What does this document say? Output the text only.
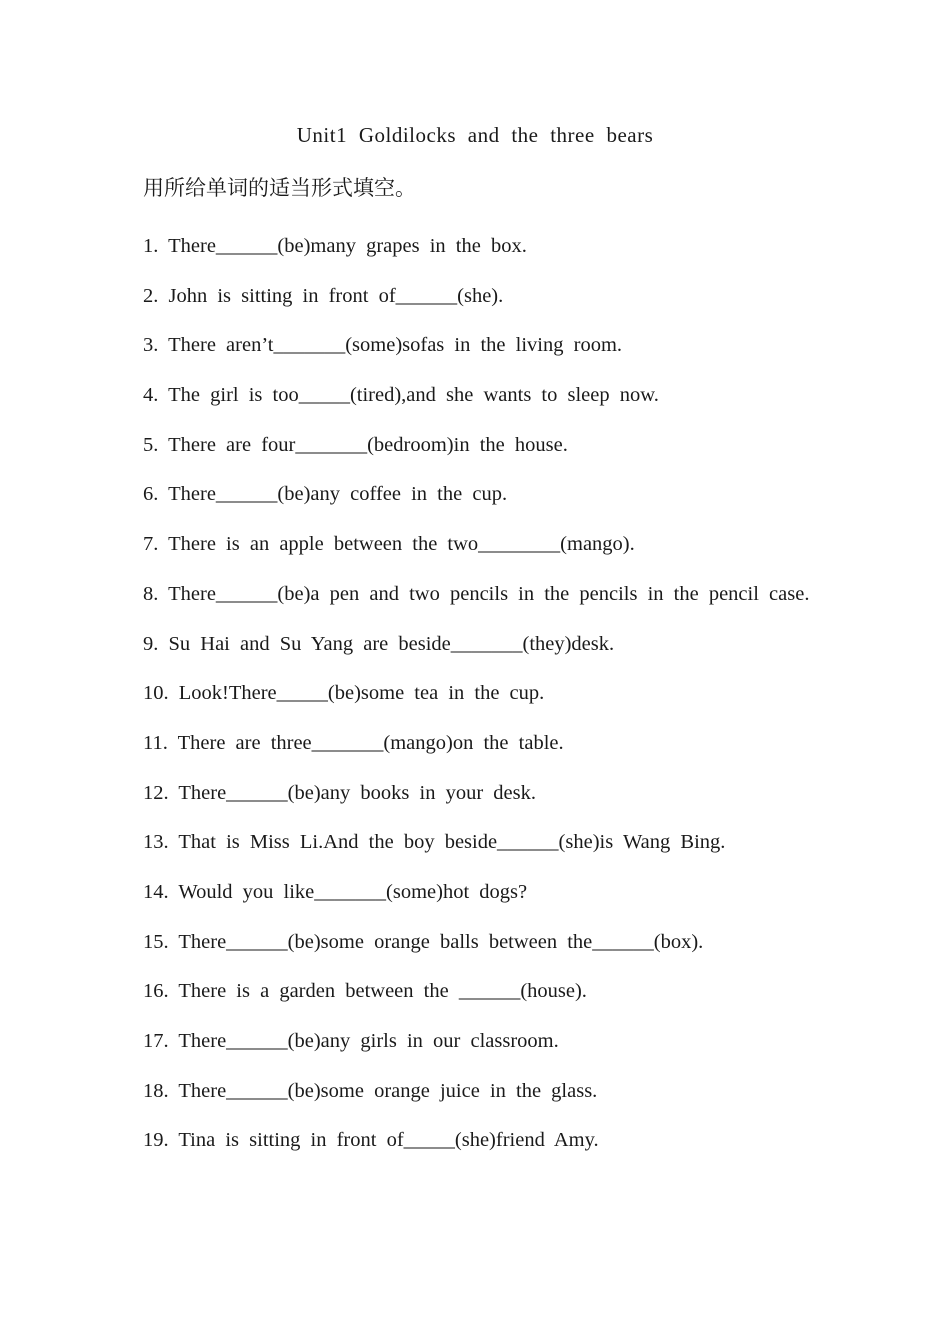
Unit1 Goldilocks and the three bears
用所给单词的适当形式填空。
1. There______(be)many grapes in the box.
2. John is sitting in front of______(she).
3. There aren’t_______(some)sofas in the living room.
4. The girl is too_____(tired),and she wants to sleep now.
5. There are four_______(bedroom)in the house.
6. There______(be)any coffee in the cup.
7. There is an apple between the two________(mango).
8. There______(be)a pen and two pencils in the pencils in the pencil case.
9. Su Hai and Su Yang are beside_______(they)desk.
10. Look!There_____(be)some tea in the cup.
11. There are three_______(mango)on the table.
12. There______(be)any books in your desk.
13. That is Miss Li.And the boy beside______(she)is Wang Bing.
14. Would you like_______(some)hot dogs?
15. There______(be)some orange balls between the______(box).
16. There is a garden between the ______(house).
17. There______(be)any girls in our classroom.
18. There______(be)some orange juice in the glass.
19. Tina is sitting in front of_____(she)friend Amy.
